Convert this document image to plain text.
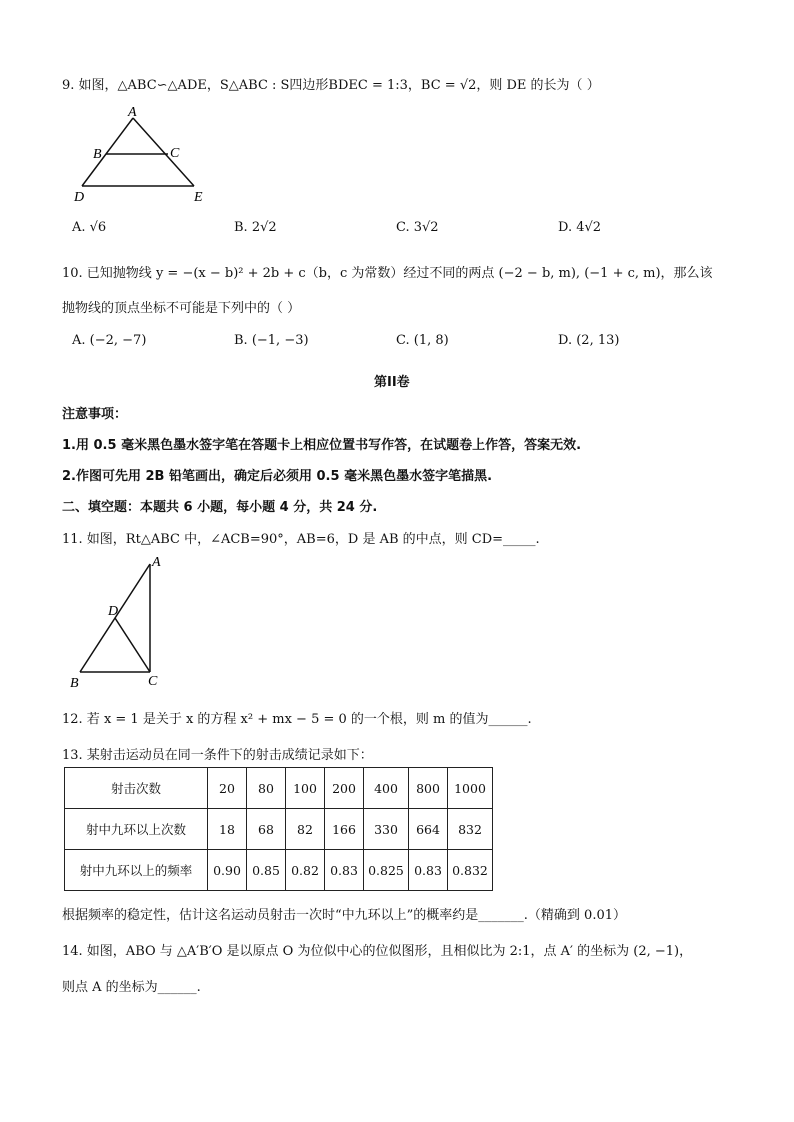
9. 如图，△ABC∽△ADE，S△ABC : S四边形BDEC = 1:3，BC = √2，则 DE 的长为（ ）
A
B	C
D	E
A. √6	B. 2√2	C. 3√2	D. 4√2
10. 已知抛物线 y = −(x − b)² + 2b + c（b，c 为常数）经过不同的两点 (−2 − b, m), (−1 + c, m)，那么该
抛物线的顶点坐标不可能是下列中的（ ）
A. (−2, −7)	B. (−1, −3)	C. (1, 8)	D. (2, 13)
第II卷
注意事项：
1.用 0.5 毫米黑色墨水签字笔在答题卡上相应位置书写作答，在试题卷上作答，答案无效.
2.作图可先用 2B 铅笔画出，确定后必须用 0.5 毫米黑色墨水签字笔描黑.
二、填空题：本题共 6 小题，每小题 4 分，共 24 分.
11. 如图，Rt△ABC 中，∠ACB=90°，AB=6，D 是 AB 的中点，则 CD=_____.
A
D
B	C
12. 若 x = 1 是关于 x 的方程 x² + mx − 5 = 0 的一个根，则 m 的值为______.
13. 某射击运动员在同一条件下的射击成绩记录如下：
射击次数	20	80	100	200	400	800	1000
射中九环以上次数	18	68	82	166	330	664	832
射中九环以上的频率	0.90	0.85	0.82	0.83	0.825	0.83	0.832
根据频率的稳定性，估计这名运动员射击一次时“中九环以上”的概率约是_______.（精确到 0.01）
14. 如图，ABO 与 △A′B′O 是以原点 O 为位似中心的位似图形，且相似比为 2:1，点 A′ 的坐标为 (2, −1)，
则点 A 的坐标为______.
